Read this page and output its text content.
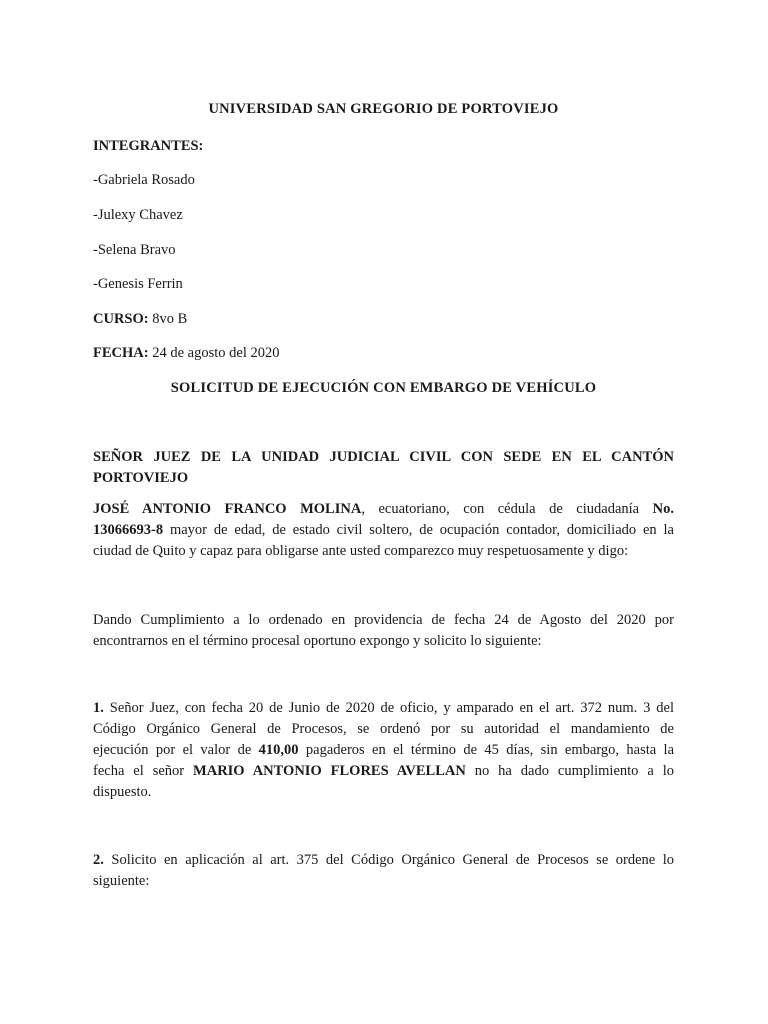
UNIVERSIDAD SAN GREGORIO DE PORTOVIEJO
INTEGRANTES:
-Gabriela Rosado
-Julexy Chavez
-Selena Bravo
-Genesis Ferrin
CURSO: 8vo B
FECHA: 24 de agosto del 2020
SOLICITUD DE EJECUCIÓN CON EMBARGO DE VEHÍCULO
SEÑOR JUEZ DE LA UNIDAD JUDICIAL CIVIL CON SEDE EN EL CANTÓN
PORTOVIEJO
JOSÉ ANTONIO FRANCO MOLINA, ecuatoriano, con cédula de ciudadanía No.
13066693-8 mayor de edad, de estado civil soltero, de ocupación contador, domiciliado en la
ciudad de Quito y capaz para obligarse ante usted comparezco muy respetuosamente y digo:
Dando Cumplimiento a lo ordenado en providencia de fecha 24 de Agosto del 2020 por
encontrarnos en el término procesal oportuno expongo y solicito lo siguiente:
1. Señor Juez, con fecha 20 de Junio de 2020 de oficio, y amparado en el art. 372 num. 3 del
Código Orgánico General de Procesos, se ordenó por su autoridad el mandamiento de
ejecución por el valor de 410,00 pagaderos en el término de 45 días, sin embargo, hasta la
fecha el señor MARIO ANTONIO FLORES AVELLAN no ha dado cumplimiento a lo
dispuesto.
2. Solicito en aplicación al art. 375 del Código Orgánico General de Procesos se ordene lo
siguiente:
